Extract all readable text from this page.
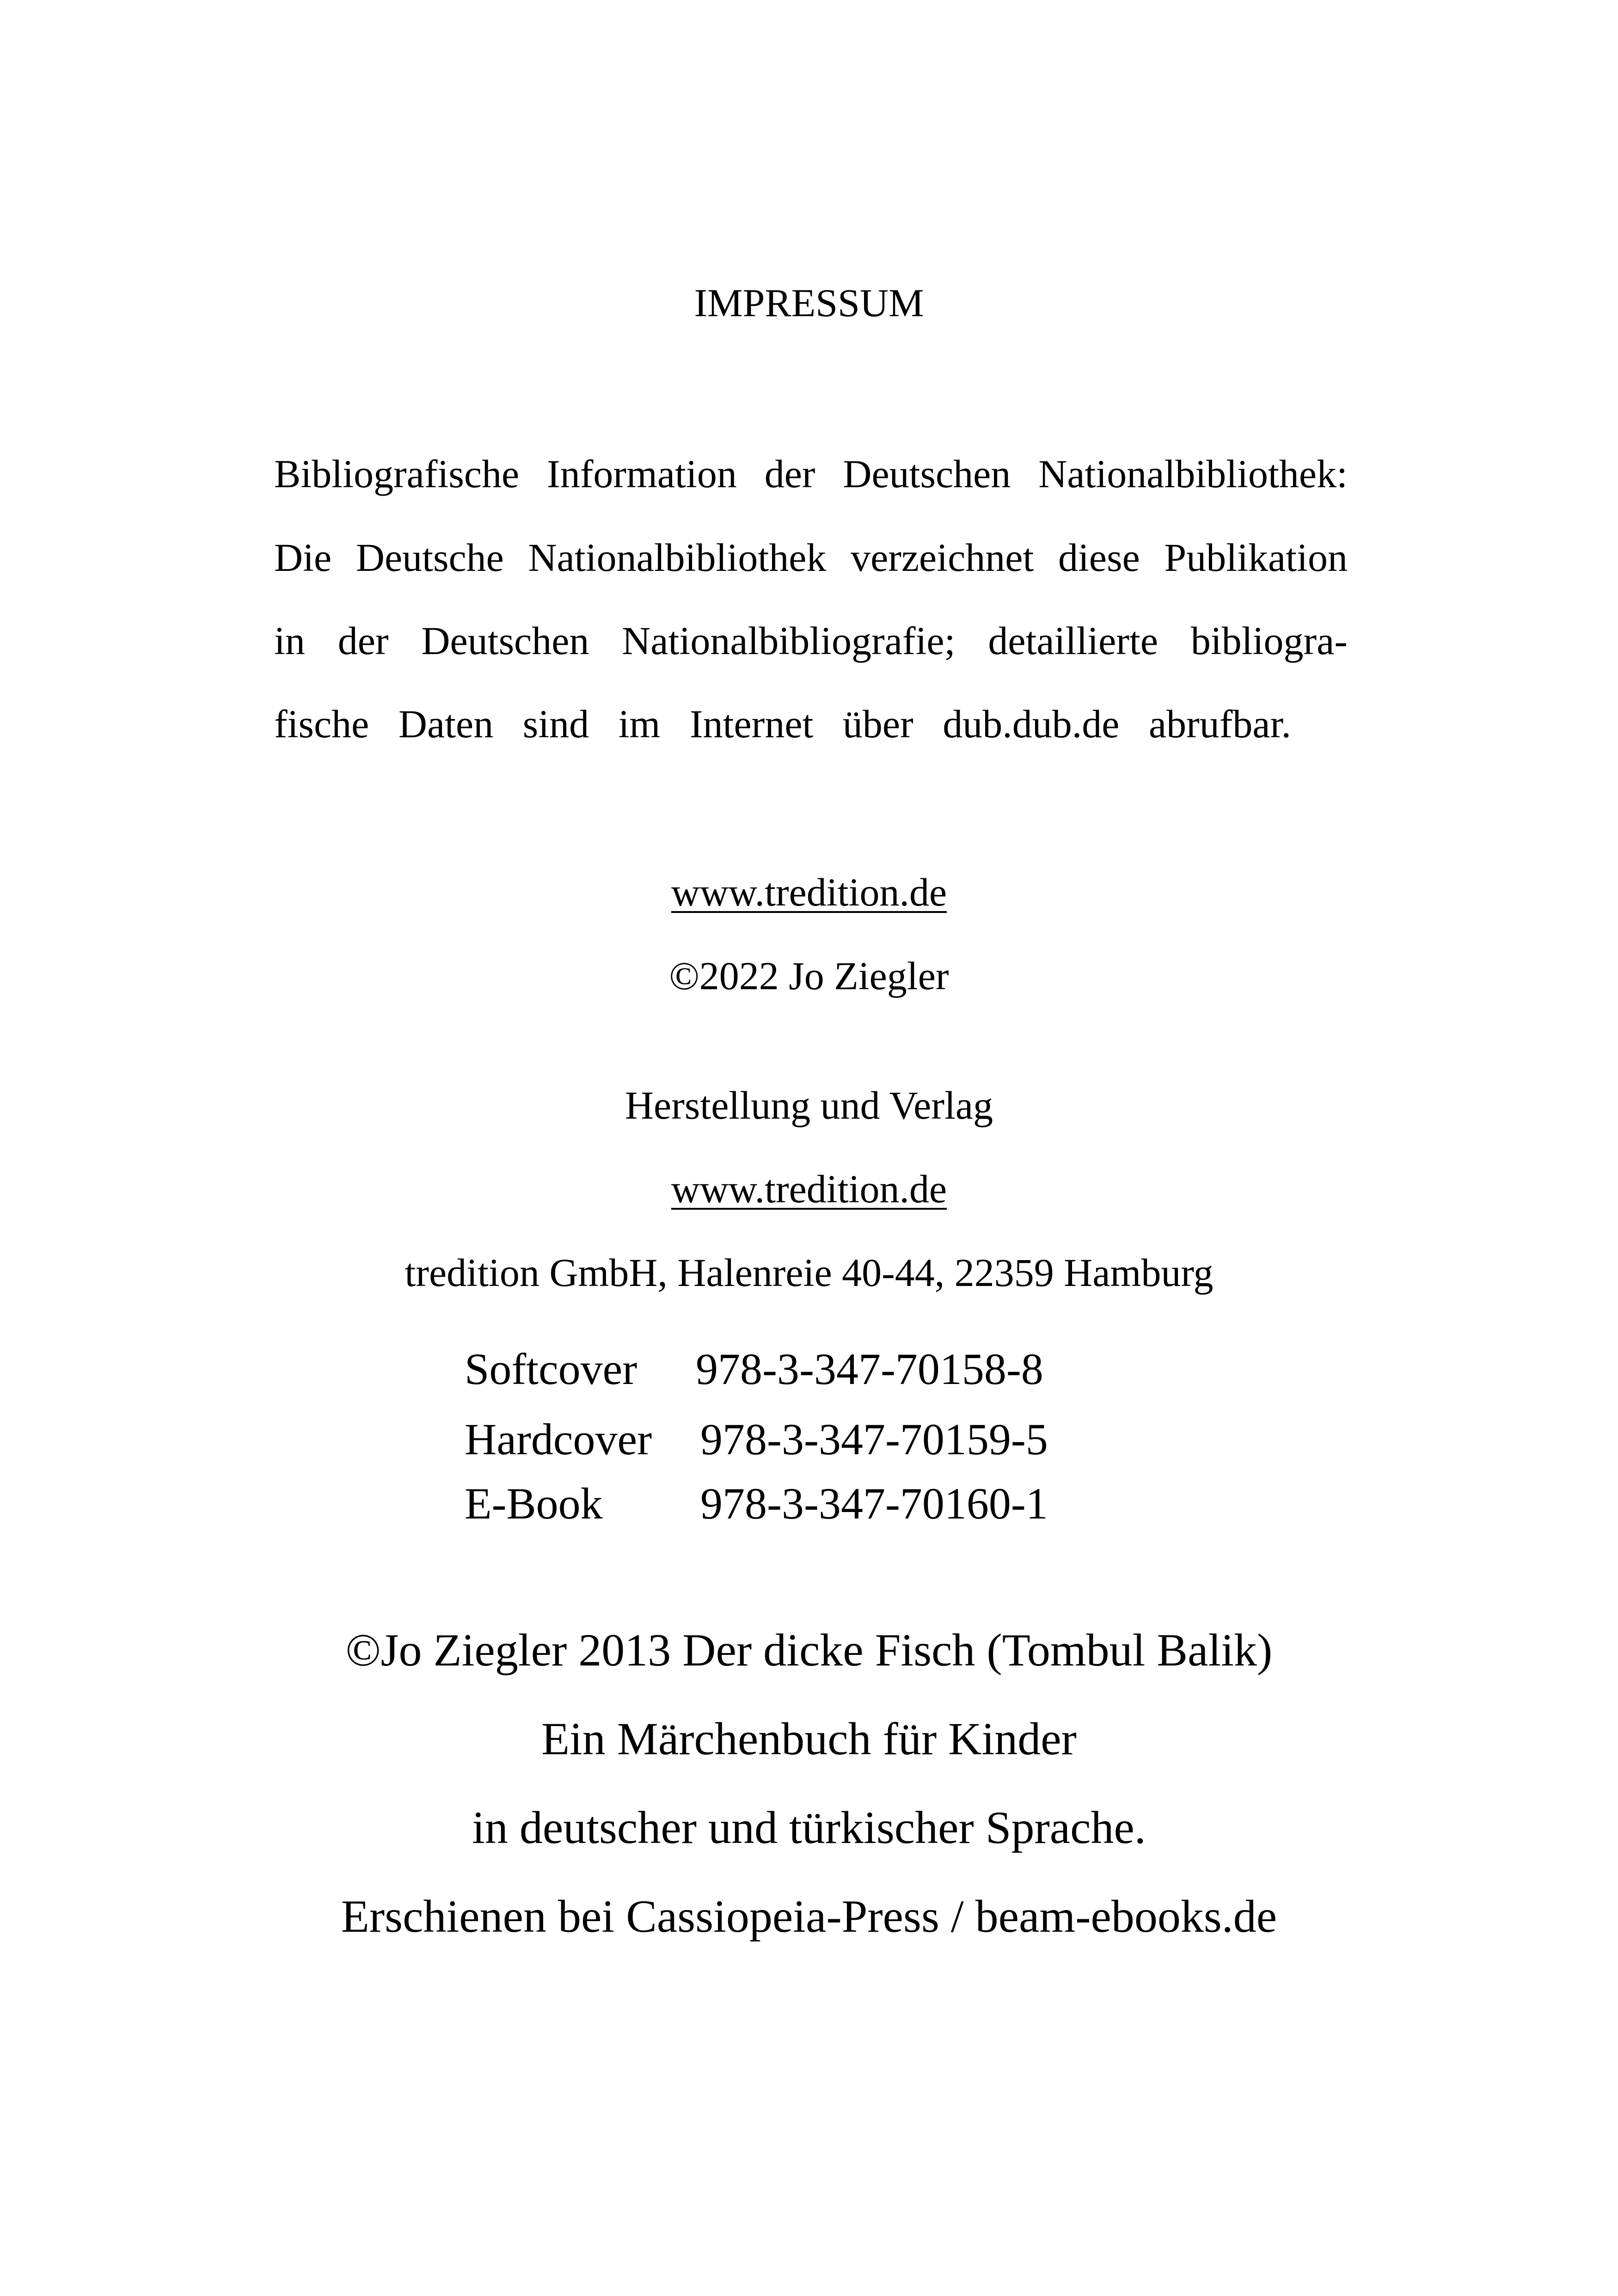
IMPRESSUM
Bibliografische Information der Deutschen Nationalbibliothek:
Die Deutsche Nationalbibliothek verzeichnet diese Publikation
in der Deutschen Nationalbibliografie; detaillierte bibliogra-
fische Daten sind im Internet über dub.dub.de abrufbar.
www.tredition.de
©2022 Jo Ziegler
Herstellung und Verlag
www.tredition.de
tredition GmbH, Halenreie 40-44, 22359 Hamburg
Softcover 978-3-347-70158-8
Hardcover 978-3-347-70159-5
E-Book 978-3-347-70160-1
©Jo Ziegler 2013 Der dicke Fisch (Tombul Balik)
Ein Märchenbuch für Kinder
in deutscher und türkischer Sprache.
Erschienen bei Cassiopeia-Press / beam-ebooks.de
